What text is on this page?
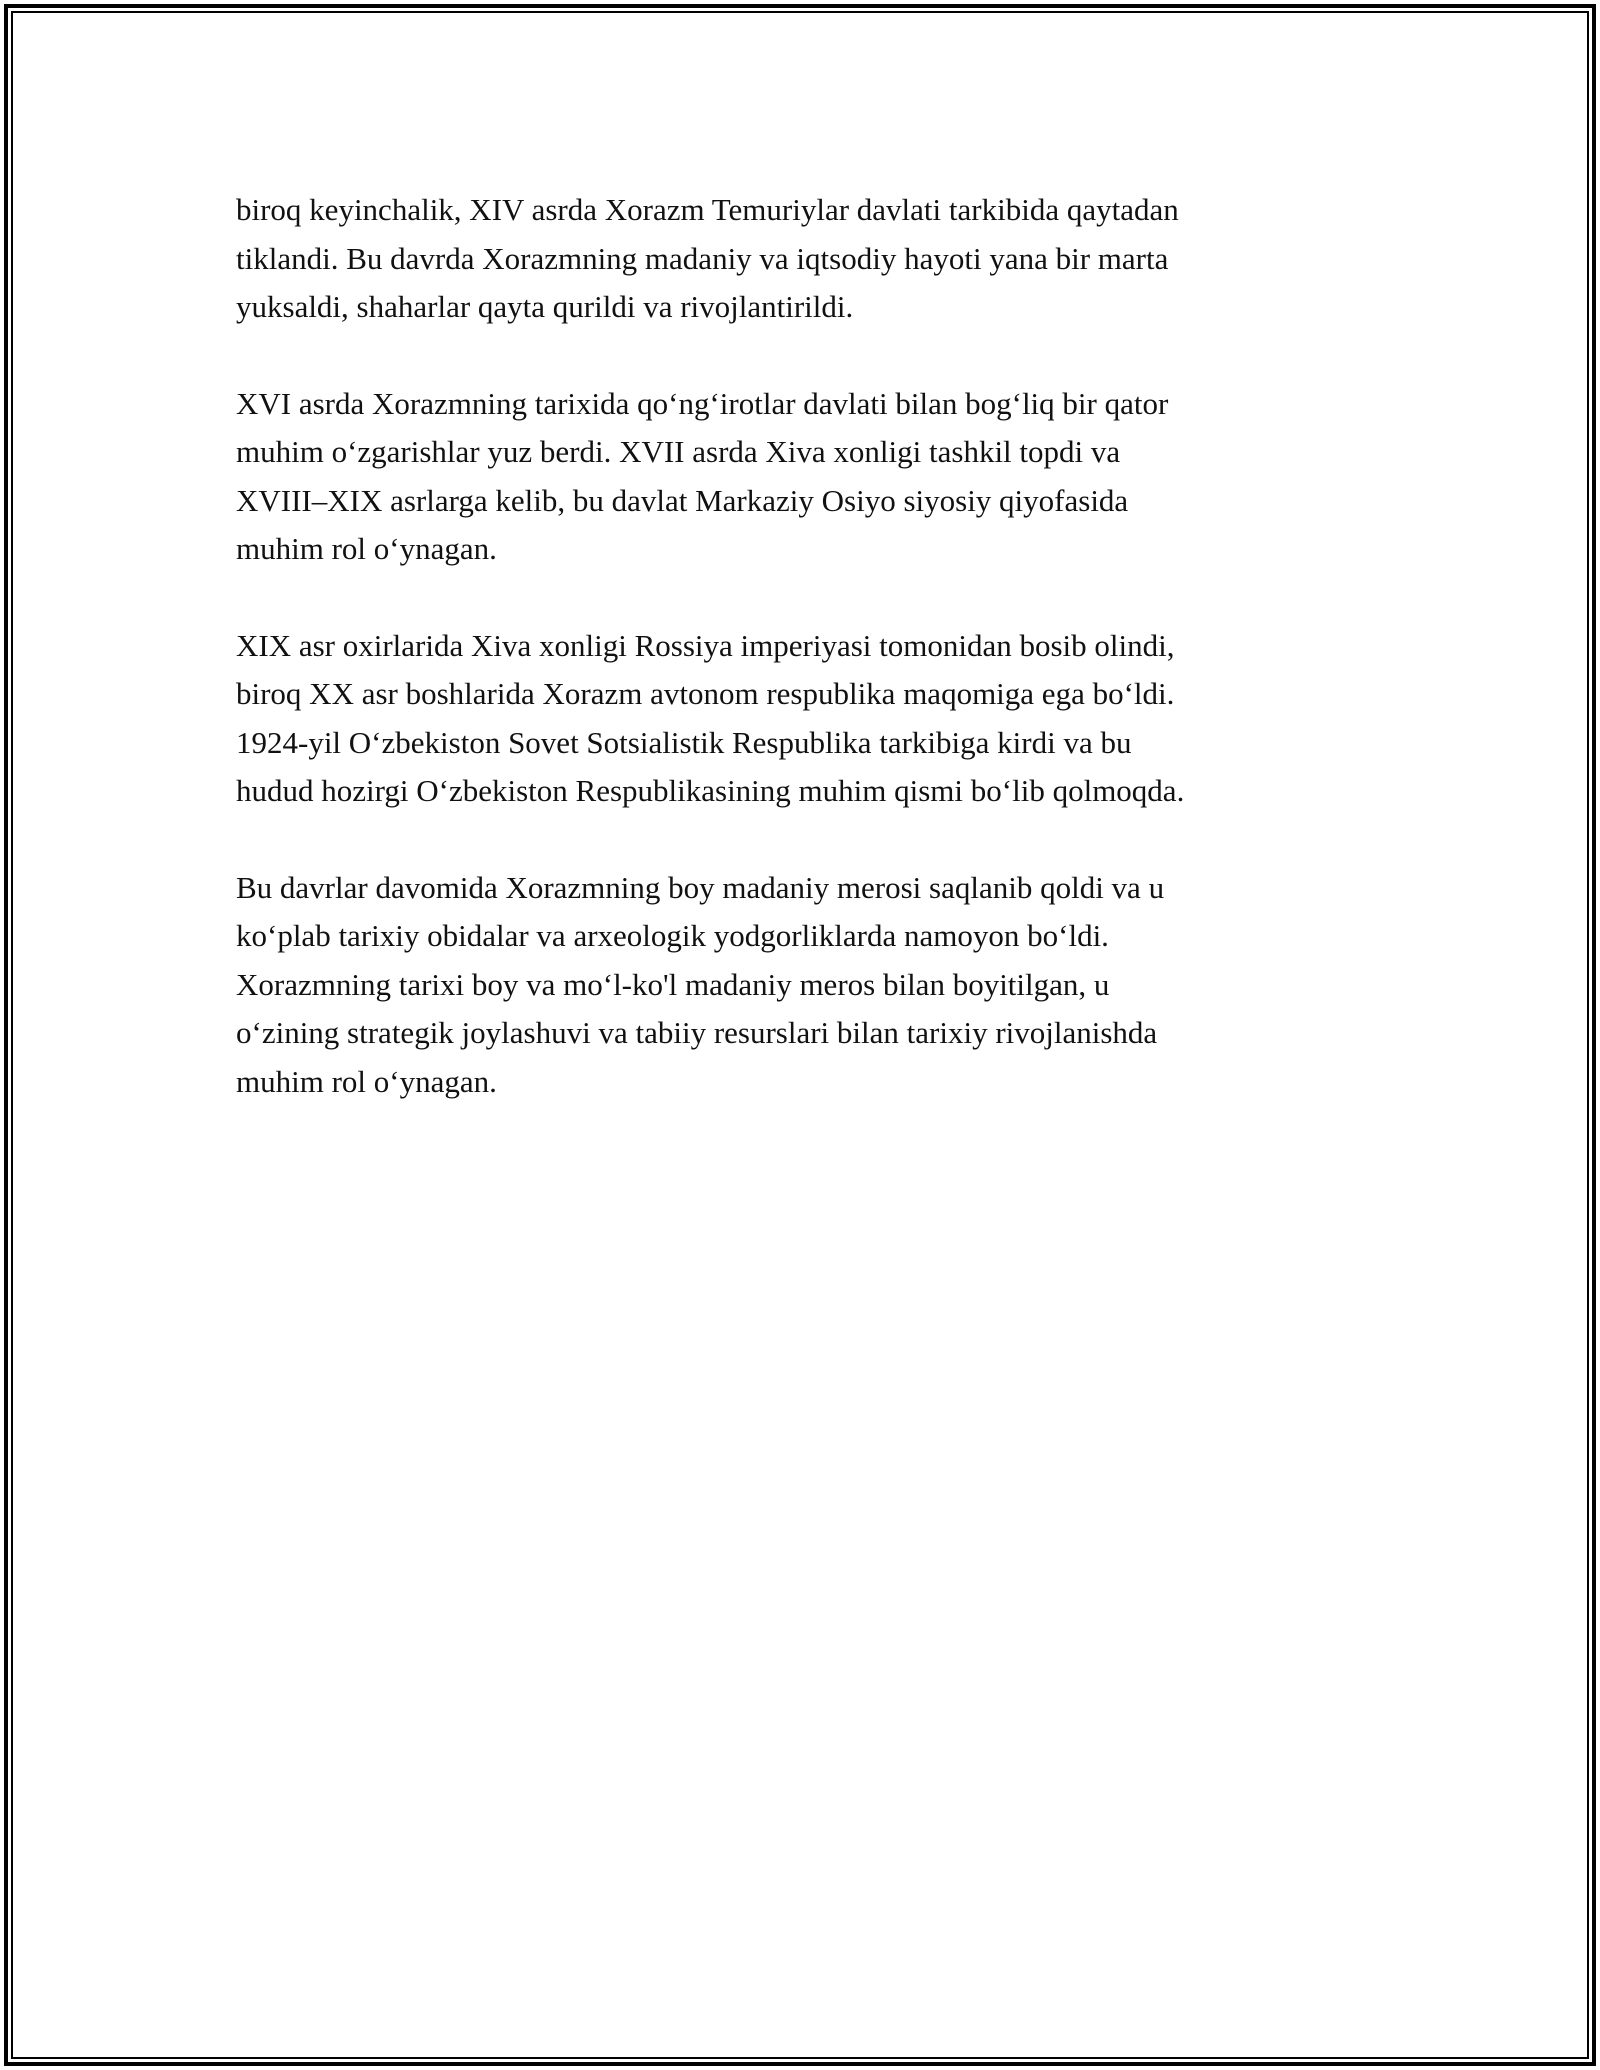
biroq keyinchalik, XIV asrda Xorazm Temuriylar davlati tarkibida qaytadan
tiklandi. Bu davrda Xorazmning madaniy va iqtsodiy hayoti yana bir marta
yuksaldi, shaharlar qayta qurildi va rivojlantirildi.

XVI asrda Xorazmning tarixida qo‘ng‘irotlar davlati bilan bog‘liq bir qator
muhim o‘zgarishlar yuz berdi. XVII asrda Xiva xonligi tashkil topdi va
XVIII–XIX asrlarga kelib, bu davlat Markaziy Osiyo siyosiy qiyofasida
muhim rol o‘ynagan.

XIX asr oxirlarida Xiva xonligi Rossiya imperiyasi tomonidan bosib olindi,
biroq XX asr boshlarida Xorazm avtonom respublika maqomiga ega bo‘ldi.
1924-yil O‘zbekiston Sovet Sotsialistik Respublika tarkibiga kirdi va bu
hudud hozirgi O‘zbekiston Respublikasining muhim qismi bo‘lib qolmoqda.

Bu davrlar davomida Xorazmning boy madaniy merosi saqlanib qoldi va u
ko‘plab tarixiy obidalar va arxeologik yodgorliklarda namoyon bo‘ldi.
Xorazmning tarixi boy va mo‘l-ko'l madaniy meros bilan boyitilgan, u
o‘zining strategik joylashuvi va tabiiy resurslari bilan tarixiy rivojlanishda
muhim rol o‘ynagan.
